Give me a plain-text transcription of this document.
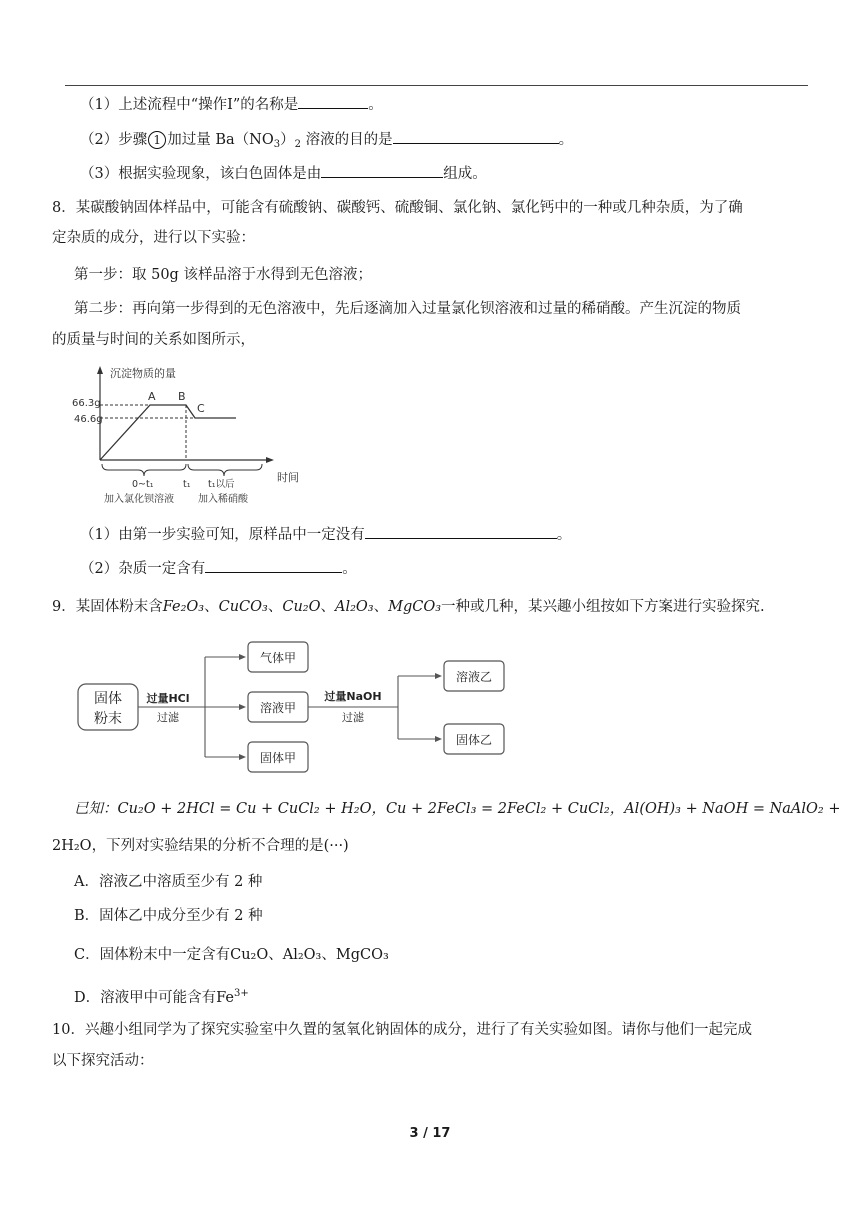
（1）上述流程中“操作I”的名称是	。
（2）步骤 1 加过量 $Ba(NO_3)_2$ 溶液的目的是	。
（3）根据实验现象，该白色固体是由	组成。
8．某碳酸钠固体样品中，可能含有硫酸钠、碳酸钙、硫酸铜、氯化钠、氯化钙中的一种或几种杂质，为了确
定杂质的成分，进行以下实验：
第一步：取 50g 该样品溶于水得到无色溶液；
第二步：再向第一步得到的无色溶液中，先后逐滴加入过量氯化钡溶液和过量的稀硝酸。产生沉淀的物质
的质量与时间的关系如图所示，
沉淀物质的量
时间
66.3g
46.6g
A B
C
0~t₁	t₁ t₁以后
加入氯化钡溶液 加入稀硝酸
（1）由第一步实验可知，原样品中一定没有	。
（2）杂质一定含有	。
9．某固体粉末含Fe₂O₃、CuCO₃、Cu₂O、Al₂O₃、MgCO₃一种或几种，某兴趣小组按如下方案进行实验探究.
固体
粉末
过量HCl
过滤
气体甲
溶液甲
固体甲
过量NaOH
过滤
溶液乙
固体乙
已知：Cu₂O + 2HCl = Cu + CuCl₂ + H₂O，Cu + 2FeCl₃ = 2FeCl₂ + CuCl₂，Al(OH)₃ + NaOH = NaAlO₂ +
2H₂O，下列对实验结果的分析不合理的是(···)
A．溶液乙中溶质至少有 2 种
B．固体乙中成分至少有 2 种
C．固体粉末中一定含有Cu₂O、Al₂O₃、MgCO₃
D．溶液甲中可能含有$Fe^{3+}$
10．兴趣小组同学为了探究实验室中久置的氢氧化钠固体的成分，进行了有关实验如图。请你与他们一起完成
以下探究活动：
3 / 17
